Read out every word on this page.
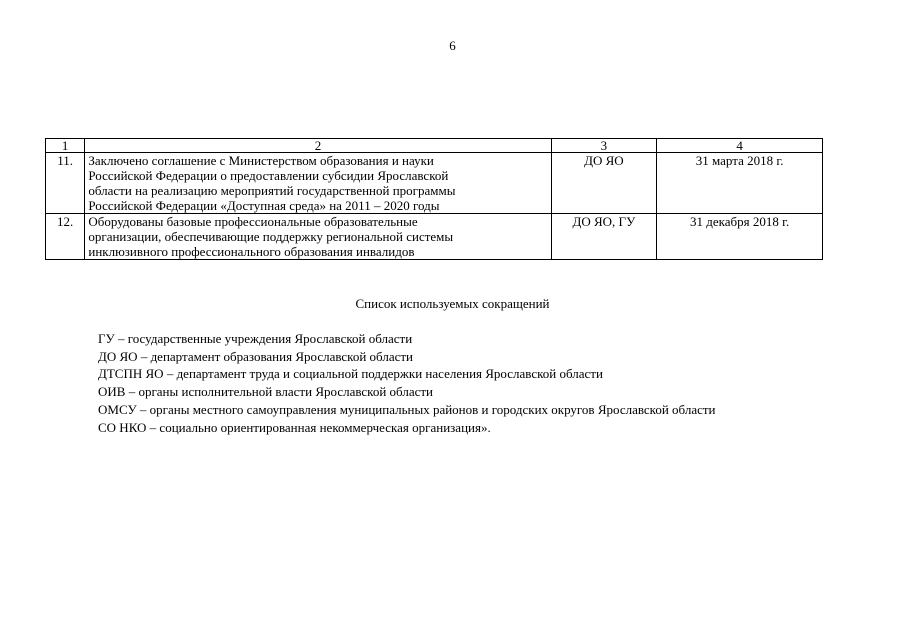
6
1	2	3	4
11.	Заключено соглашение с Министерством образования и науки
Российской Федерации о предоставлении субсидии Ярославской
области на реализацию мероприятий государственной программы
Российской Федерации «Доступная среда» на 2011 – 2020 годы	ДО ЯО	31 марта 2018 г.
12.	Оборудованы базовые профессиональные образовательные
организации, обеспечивающие поддержку региональной системы
инклюзивного профессионального образования инвалидов	ДО ЯО, ГУ	31 декабря 2018 г.
Список используемых сокращений
ГУ – государственные учреждения Ярославской области
ДО ЯО – департамент образования Ярославской области
ДТСПН ЯО – департамент труда и социальной поддержки населения Ярославской области
ОИВ – органы исполнительной власти Ярославской области
ОМСУ – органы местного самоуправления муниципальных районов и городских округов Ярославской области
СО НКО – социально ориентированная некоммерческая организация».
